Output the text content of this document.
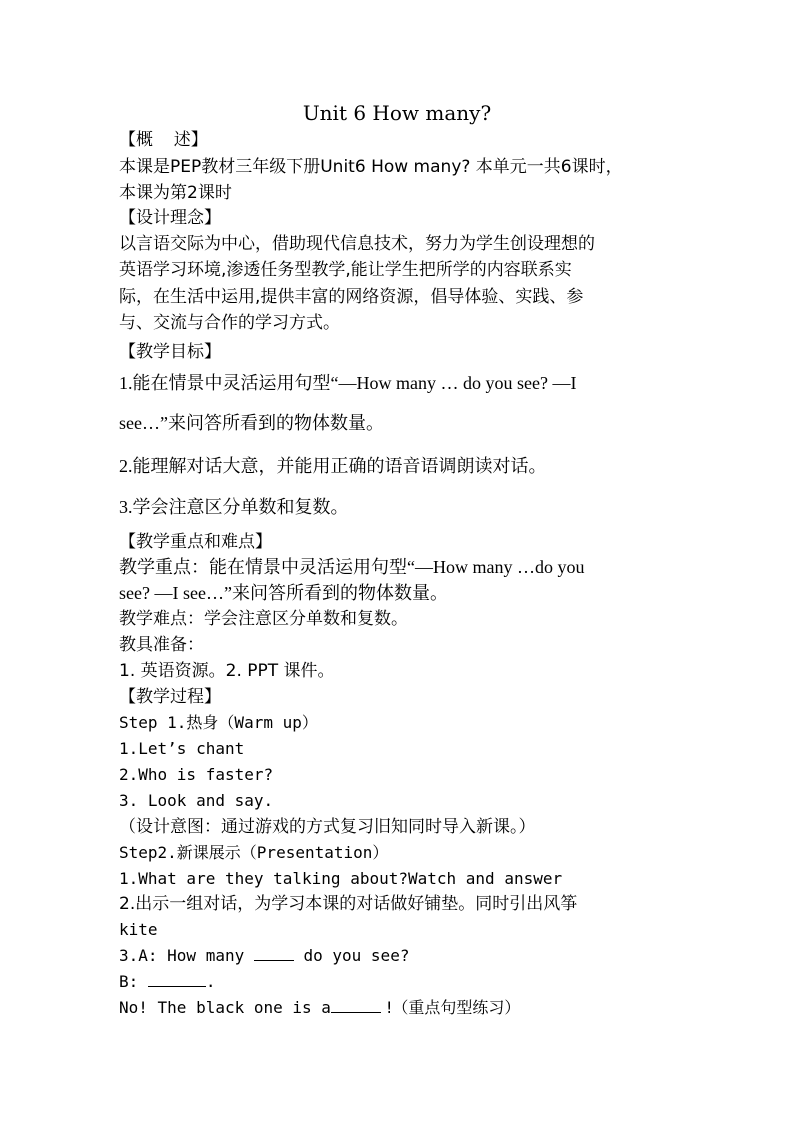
Unit 6 How many?
【概 述】
本课是PEP教材三年级下册Unit6 How many? 本单元一共6课时，
本课为第2课时
【设计理念】
以言语交际为中心，借助现代信息技术，努力为学生创设理想的
英语学习环境,渗透任务型教学,能让学生把所学的内容联系实
际，在生活中运用,提供丰富的网络资源，倡导体验、实践、参
与、交流与合作的学习方式。
【教学目标】
1.能在情景中灵活运用句型“—How many … do you see? —I
see…”来问答所看到的物体数量。
2.能理解对话大意，并能用正确的语音语调朗读对话。
3.学会注意区分单数和复数。
【教学重点和难点】
教学重点：能在情景中灵活运用句型“—How many …do you
see? —I see…”来问答所看到的物体数量。
教学难点：学会注意区分单数和复数。
教具准备：
1. 英语资源。2. PPT 课件。
【教学过程】
Step 1.热身（Warm up）
1.Let’s chant
2.Who is faster?
3. Look and say.
（设计意图：通过游戏的方式复习旧知同时导入新课。）
Step2.新课展示（Presentation）
1.What are they talking about?Watch and answer
2.出示一组对话，为学习本课的对话做好铺垫。同时引出风筝
kite
3.A: How many	do you see?
B:	.
No! The black one is a	!（重点句型练习）
